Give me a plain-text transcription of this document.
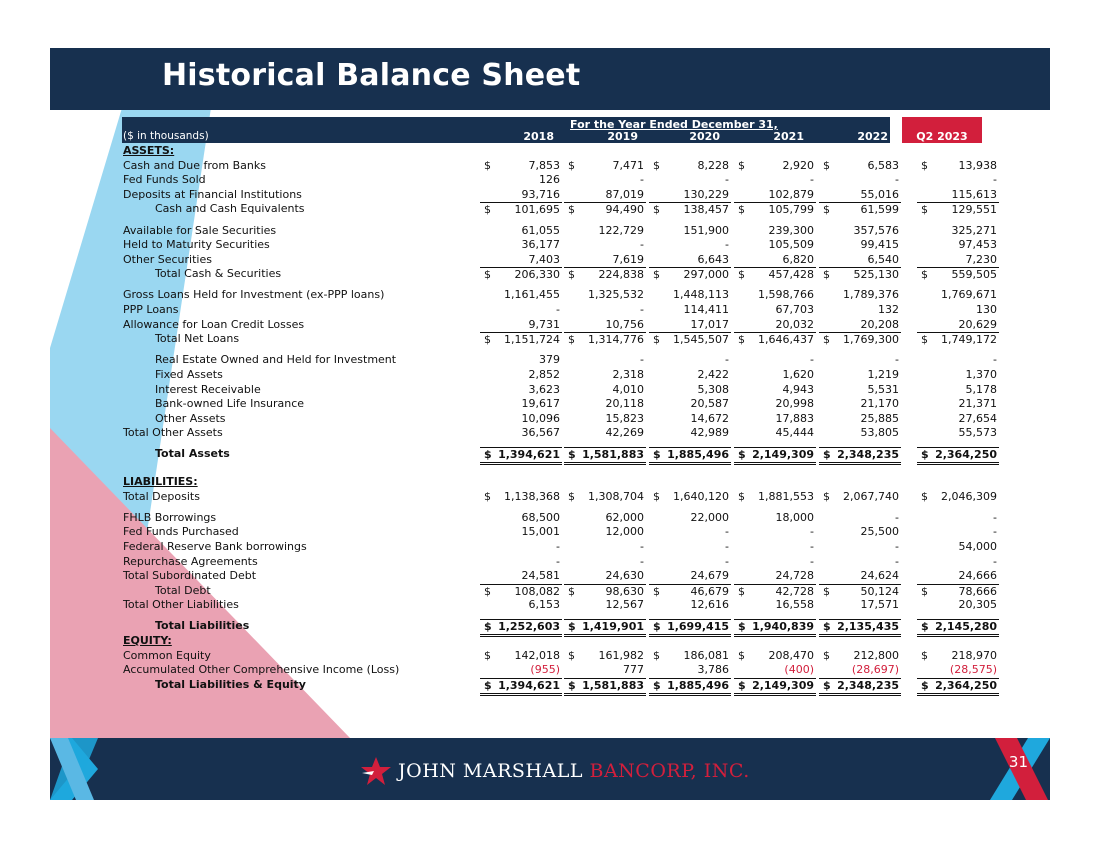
Historical Balance Sheet
For the Year Ended December 31,
($ in thousands)	2018	2019	2020	2021	2022	Q2 2023
ASSETS:
Cash and Due from Banks	$	7,853 $	7,471 $	8,228 $	2,920 $	6,583 $	13,938
Fed Funds Sold	126	-	-	-	-	-
Deposits at Financial Institutions	93,716	87,019	130,229	102,879	55,016	115,613
Cash and Cash Equivalents	$ 101,695 $	94,490 $ 138,457 $ 105,799 $	61,599 $ 129,551
Available for Sale Securities	61,055	122,729	151,900	239,300	357,576	325,271
Held to Maturity Securities	36,177	-	-	105,509	99,415	97,453
Other Securities	7,403	7,619	6,643	6,820	6,540	7,230
Total Cash & Securities	$ 206,330 $ 224,838 $ 297,000 $ 457,428 $ 525,130 $ 559,505
Gross Loans Held for Investment (ex-PPP loans)	1,161,455	1,325,532	1,448,113	1,598,766	1,789,376	1,769,671
PPP Loans	-	-	114,411	67,703	132	130
Allowance for Loan Credit Losses	9,731	10,756	17,017	20,032	20,208	20,629
Total Net Loans	$ 1,151,724 $ 1,314,776 $ 1,545,507 $ 1,646,437 $ 1,769,300 $ 1,749,172
Real Estate Owned and Held for Investment	379	-	-	-	-	-
Fixed Assets	2,852	2,318	2,422	1,620	1,219	1,370
Interest Receivable	3,623	4,010	5,308	4,943	5,531	5,178
Bank-owned Life Insurance	19,617	20,118	20,587	20,998	21,170	21,371
Other Assets	10,096	15,823	14,672	17,883	25,885	27,654
Total Other Assets	36,567	42,269	42,989	45,444	53,805	55,573
Total Assets	$ 1,394,621 $ 1,581,883 $ 1,885,496 $ 2,149,309 $ 2,348,235 $ 2,364,250
LIABILITIES:
Total Deposits	$ 1,138,368 $ 1,308,704 $ 1,640,120 $ 1,881,553 $ 2,067,740 $ 2,046,309
FHLB Borrowings	68,500	62,000	22,000	18,000	-	-
Fed Funds Purchased	15,001	12,000	-	-	25,500	-
Federal Reserve Bank borrowings	-	-	-	-	-	54,000
Repurchase Agreements	-	-	-	-	-	-
Total Subordinated Debt	24,581	24,630	24,679	24,728	24,624	24,666
Total Debt	$ 108,082 $	98,630 $	46,679 $	42,728 $	50,124 $	78,666
Total Other Liabilities	6,153	12,567	12,616	16,558	17,571	20,305
Total Liabilities	$ 1,252,603 $ 1,419,901 $ 1,699,415 $ 1,940,839 $ 2,135,435 $ 2,145,280
EQUITY:
Common Equity	$ 142,018 $ 161,982 $ 186,081 $ 208,470 $ 212,800 $ 218,970
Accumulated Other Comprehensive Income (Loss)	(955)	777	3,786	(400)	(28,697)	(28,575)
Total Liabilities & Equity	$ 1,394,621 $ 1,581,883 $ 1,885,496 $ 2,149,309 $ 2,348,235 $ 2,364,250
JOHN MARSHALL BANCORP, INC.	31
